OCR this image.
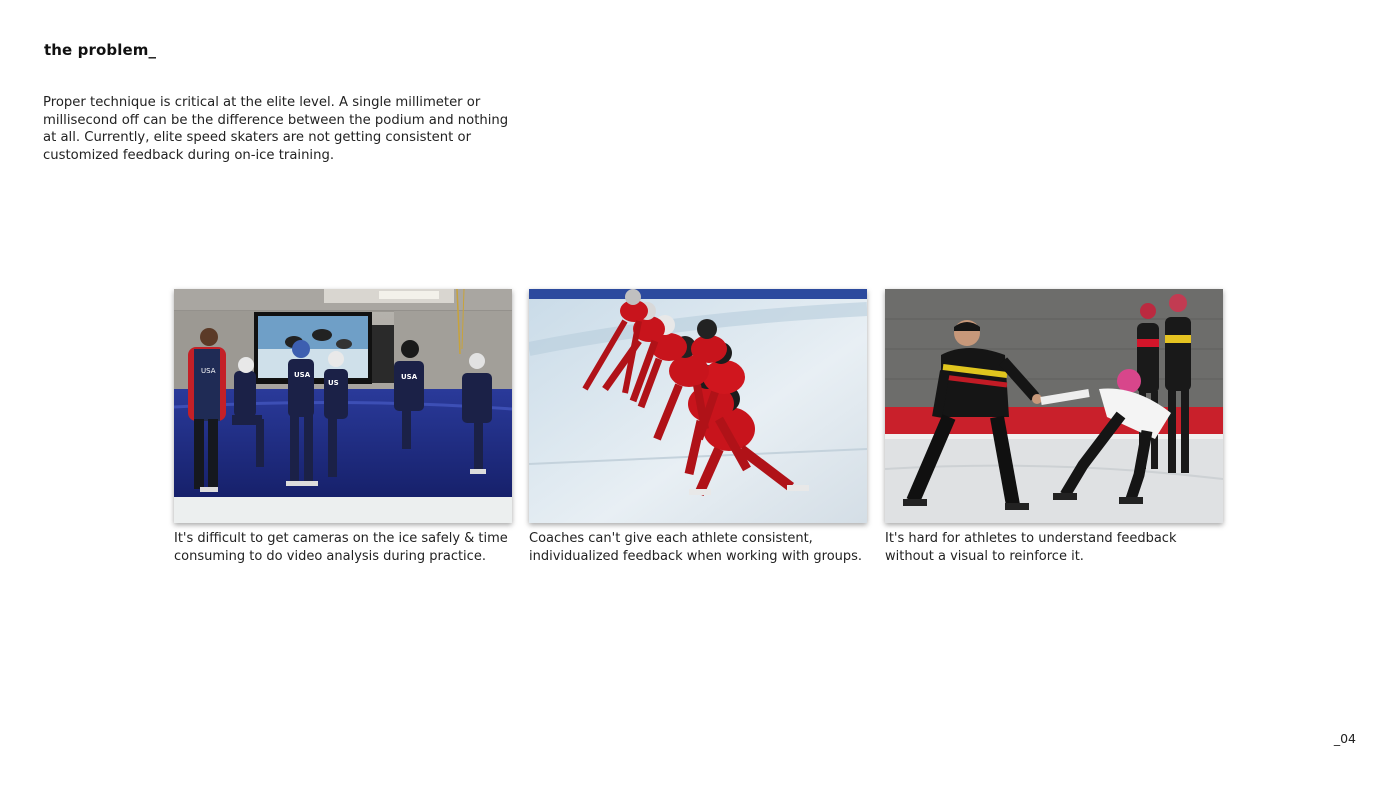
the problem_

Proper technique is critical at the elite level. A single millimeter or millisecond off can be the difference between the podium and nothing at all. Currently, elite speed skaters are not getting consistent or customized feedback during on-ice training.

USA	USA
US
USA

It's difficult to get cameras on the ice safely & time
consuming to do video analysis during practice.

Coaches can't give each athlete consistent,
individualized feedback when working with groups.

It's hard for athletes to understand feedback
without a visual to reinforce it.

_04
